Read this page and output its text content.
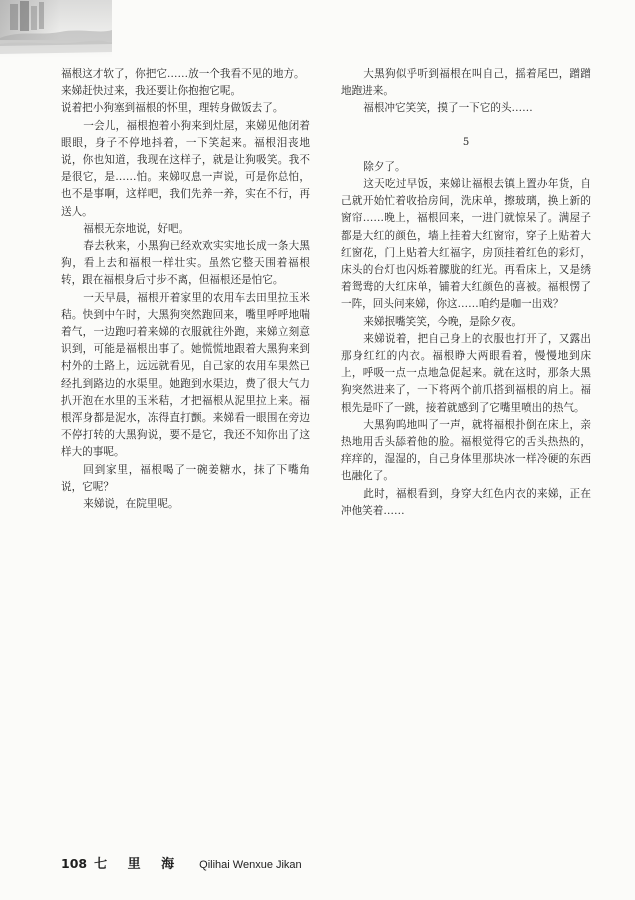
福根这才软了，你把它……放一个我看不见的地方。

来娣赶快过来，我还要让你抱抱它呢。

说着把小狗塞到福根的怀里，理转身做饭去了。

一会儿，福根抱着小狗来到灶屋，来娣见他闭着眼眼，身子不停地抖着，一下笑起来。福根泪丧地说，你也知道，我现在这样子，就是让狗吸笑。我不是很它，是……怕。来娣叹息一声说，可是你总怕，也不是事啊，这样吧，我们先养一养，实在不行，再送人。

福根无奈地说，好吧。

春去秋来，小黑狗已经欢欢实实地长成一条大黑狗，看上去和福根一样壮实。虽然它整天围着福根转，跟在福根身后寸步不离，但福根还是怕它。

一天早晨，福根开着家里的农用车去田里拉玉米秸。快到中午时，大黑狗突然跑回来，嘴里呼呼地喘着气，一边跑叼着来娣的衣服就往外跑，来娣立刻意识到，可能是福根出事了。她慌慌地跟着大黑狗来到村外的土路上，远远就看见，自己家的农用车果然已经扎到路边的水渠里。她跑到水渠边，费了很大气力扒开泡在水里的玉米秸，才把福根从泥里拉上来。福根浑身都是泥水，冻得直打颤。来娣看一眼围在旁边不停打转的大黑狗说，要不是它，我还不知你出了这样大的事呢。

回到家里，福根喝了一碗姜糖水，抹了下嘴角说，它呢？

来娣说，在院里呢。

大黑狗似乎听到福根在叫自己，摇着尾巴，蹭蹭地跑进来。

福根冲它笑笑，摸了一下它的头……

5

除夕了。

这天吃过早饭，来娣让福根去镇上置办年货，自己就开始忙着收拾房间，洗床单，擦玻璃，换上新的窗帘……晚上，福根回来，一进门就惊呆了。满屋子都是大红的颜色，墙上挂着大红窗帘，穿子上贴着大红窗花，门上贴着大红福字，房顶挂着红色的彩灯，床头的台灯也闪烁着朦胧的红光。再看床上，又是绣着鸳鸯的大红床单，铺着大红颜色的喜被。福根愣了一阵，回头问来娣，你这……咱约是咖一出戏？

来娣抿嘴笑笑，今晚，是除夕夜。

来娣说着，把自己身上的衣服也打开了，又露出那身红红的内衣。福根睁大两眼看着，慢慢地到床上，呼吸一点一点地急促起来。就在这时，那条大黑狗突然进来了，一下将两个前爪搭到福根的肩上。福根先是吓了一跳，接着就感到了它嘴里喷出的热气。

大黑狗呜地叫了一声，就将福根扑倒在床上，亲热地用舌头舔着他的脸。福根觉得它的舌头热热的，痒痒的，湿湿的，自己身体里那块冰一样冷硬的东西也融化了。

此时，福根看到，身穿大红色内衣的来娣，正在冲他笑着……

108 七 里 海 Qilihai Wenxue Jikan
